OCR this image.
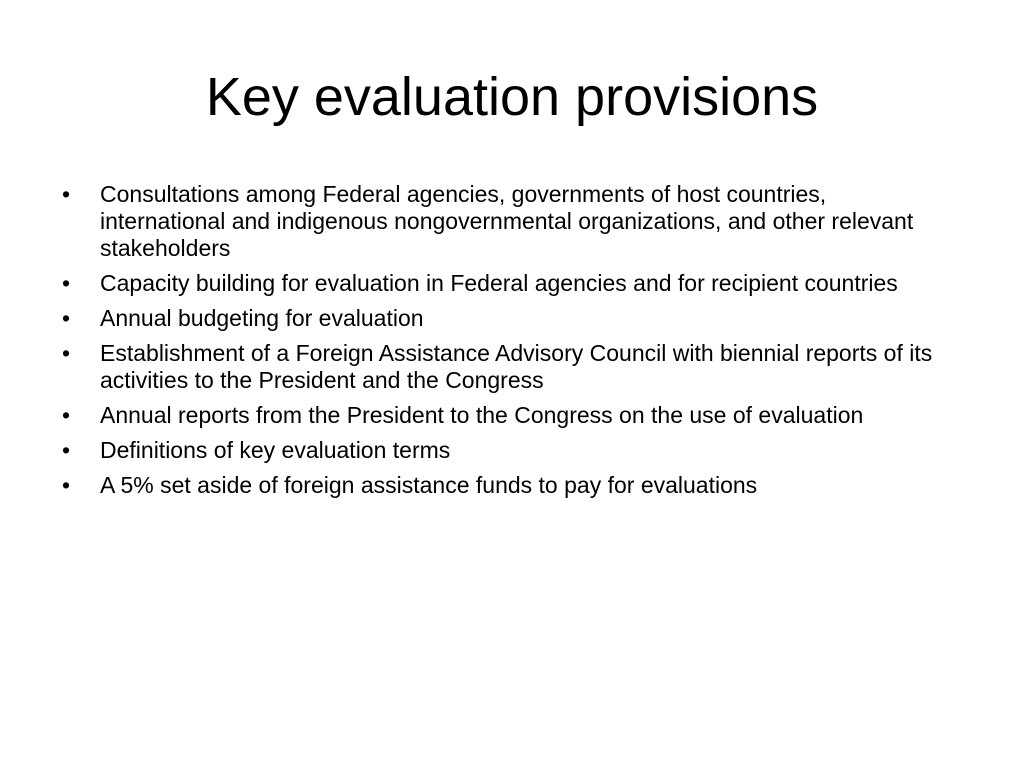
Key evaluation provisions
•	Consultations among Federal agencies, governments of host countries, international and indigenous nongovernmental organizations, and other relevant stakeholders
•	Capacity building for evaluation in Federal agencies and for recipient countries
•	Annual budgeting for evaluation
•	Establishment of a Foreign Assistance Advisory Council with biennial reports of its activities to the President and the Congress
•	Annual reports from the President to the Congress on the use of evaluation
•	Definitions of key evaluation terms
•	A 5% set aside of foreign assistance funds to pay for evaluations
